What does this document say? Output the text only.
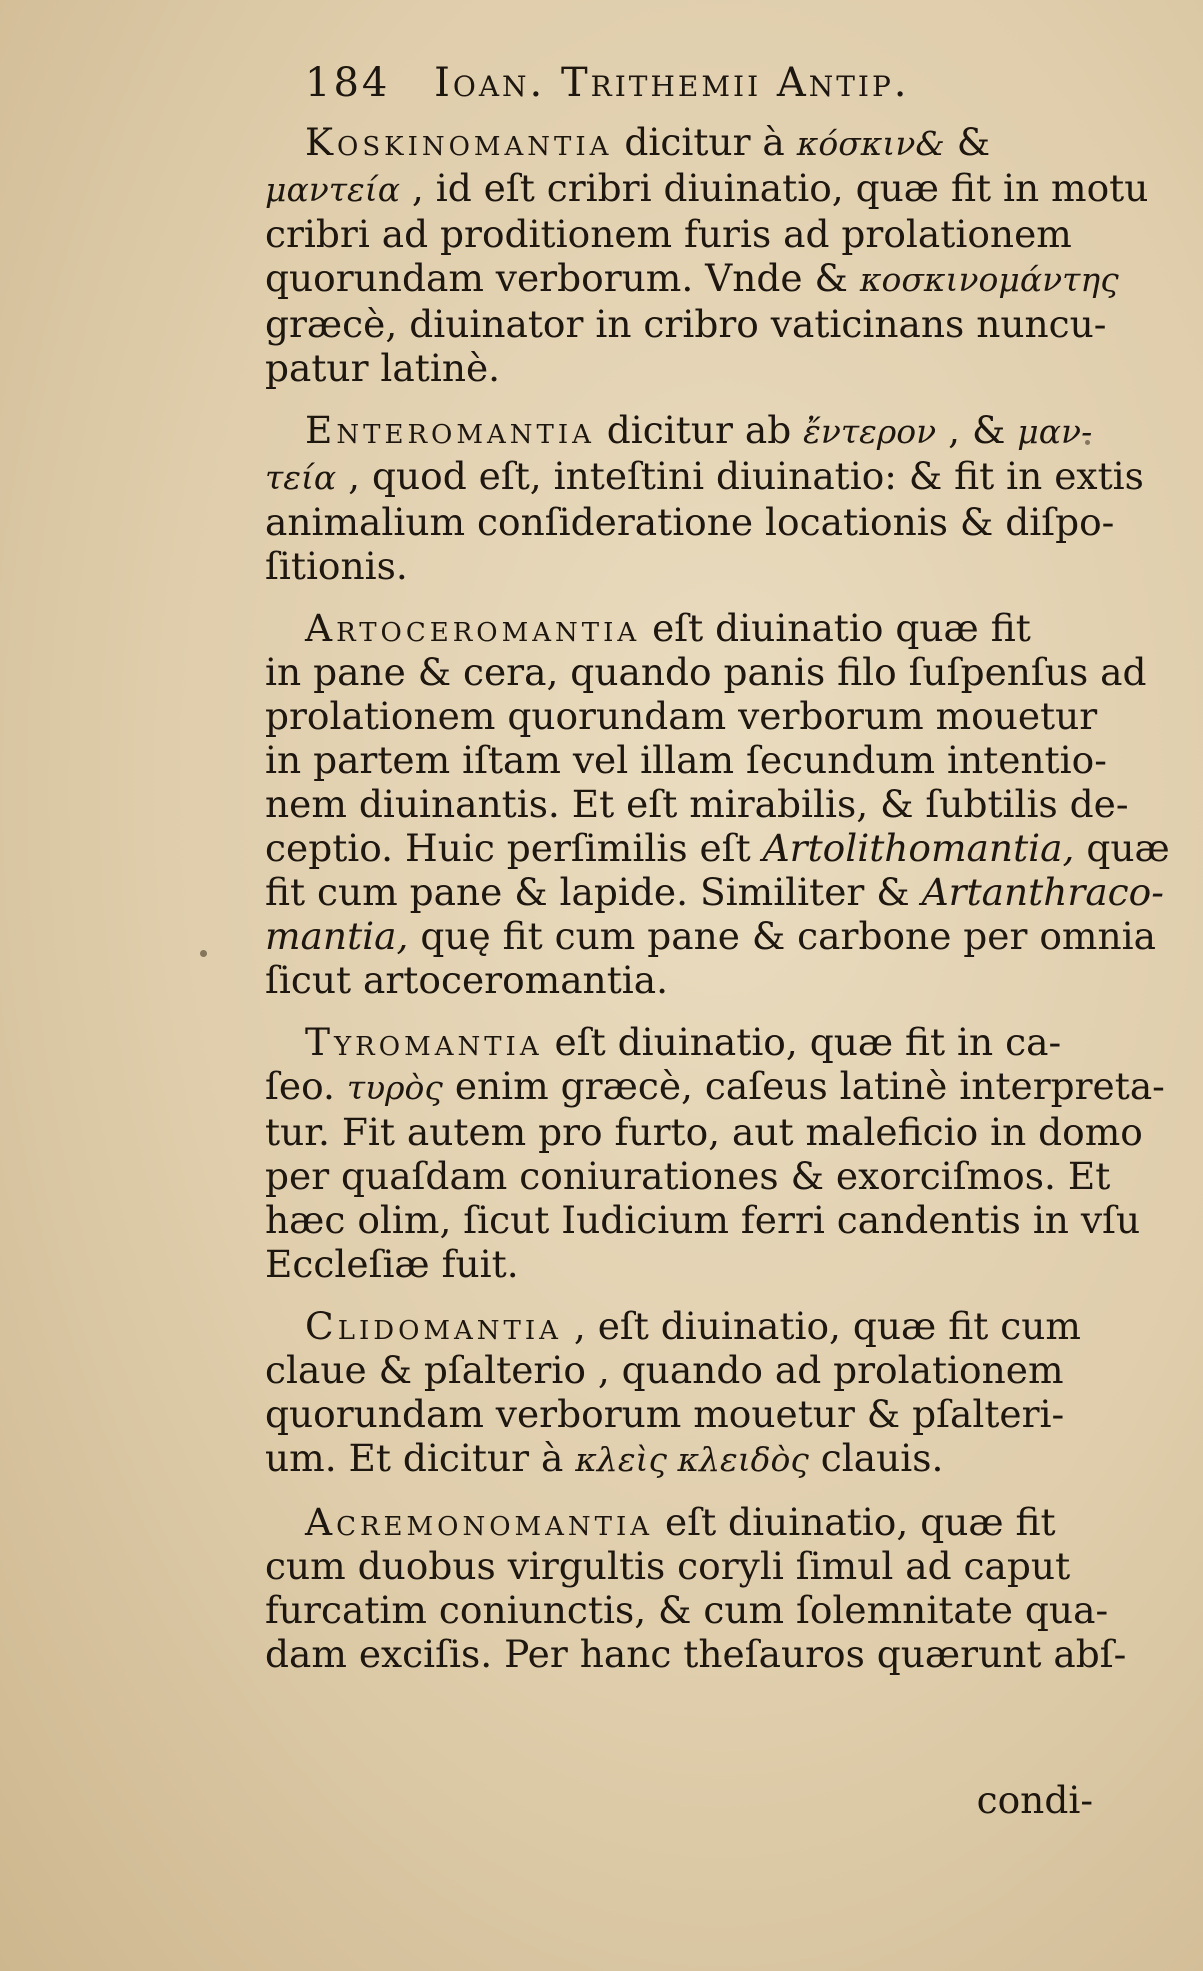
184 Ioan. Trithemii Antip.
Koskinomantia dicitur à κόσκιν& &
μαντεία , id eſt cribri diuinatio, quæ fit in motu
cribri ad proditionem furis ad prolationem
quorundam verborum. Vnde & κοσκινομάντης
græcè, diuinator in cribro vaticinans nuncu-
patur latinè.
Enteromantia dicitur ab ἔντερον , & μαν-
τεία , quod eſt, inteſtini diuinatio: & fit in extis
animalium conſideratione locationis & diſpo-
ſitionis.
Artoceromantia eſt diuinatio quæ fit
in pane & cera, quando panis filo ſuſpenſus ad
prolationem quorundam verborum mouetur
in partem iſtam vel illam ſecundum intentio-
nem diuinantis. Et eſt mirabilis, & ſubtilis de-
ceptio. Huic perſimilis eſt Artolithomantia, quæ
fit cum pane & lapide. Similiter & Artanthraco-
mantia, quę fit cum pane & carbone per omnia
ſicut artoceromantia.
Tyromantia eſt diuinatio, quæ fit in ca-
ſeo. τυρὸς enim græcè, caſeus latinè interpreta-
tur. Fit autem pro furto, aut maleficio in domo
per quaſdam coniurationes & exorciſmos. Et
hæc olim, ſicut Iudicium ferri candentis in vſu
Eccleſiæ fuit.
Clidomantia , eſt diuinatio, quæ fit cum
claue & pſalterio , quando ad prolationem
quorundam verborum mouetur & pſalteri-
um. Et dicitur à κλεὶς κλειδὸς clauis.
Acremonomantia eſt diuinatio, quæ fit
cum duobus virgultis coryli ſimul ad caput
furcatim coniunctis, & cum ſolemnitate qua-
dam exciſis. Per hanc theſauros quærunt abſ-
condi-
